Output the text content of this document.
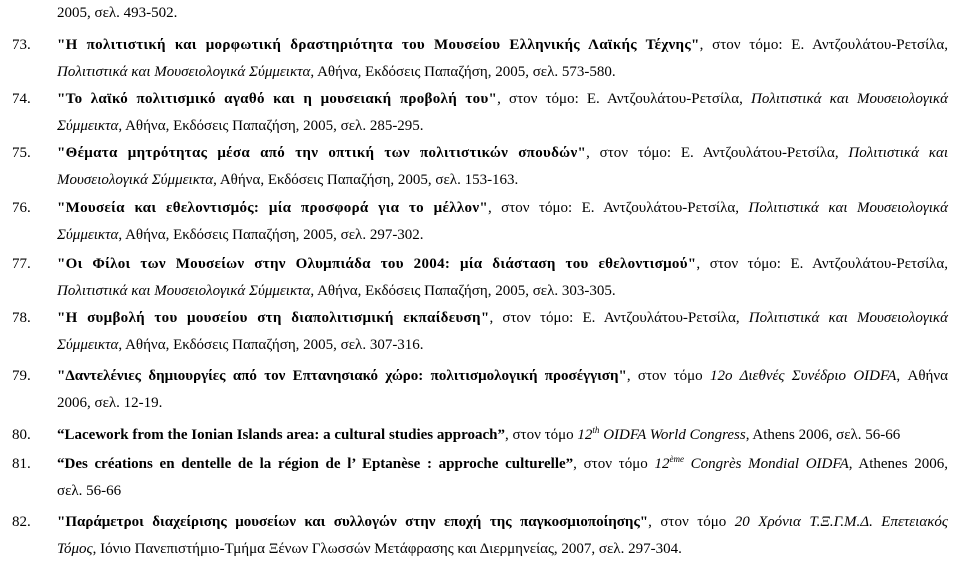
2005, σελ. 493-502.
73.	"Η πολιτιστική και μορφωτική δραστηριότητα του Μουσείου Ελληνικής Λαϊκής Τέχνης", στον τόμο: Ε. Αντζουλάτου-Ρετσίλα,
Πολιτιστικά και Μουσειολογικά Σύμμεικτα, Αθήνα, Εκδόσεις Παπαζήση, 2005, σελ. 573-580.
74.	"Το λαϊκό πολιτισμικό αγαθό και η μουσειακή προβολή του", στον τόμο: Ε. Αντζουλάτου-Ρετσίλα, Πολιτιστικά και Μουσειολογικά
Σύμμεικτα, Αθήνα, Εκδόσεις Παπαζήση, 2005, σελ. 285-295.
75.	"Θέματα μητρότητας μέσα από την οπτική των πολιτιστικών σπουδών", στον τόμο: Ε. Αντζουλάτου-Ρετσίλα, Πολιτιστικά και
Μουσειολογικά Σύμμεικτα, Αθήνα, Εκδόσεις Παπαζήση, 2005, σελ. 153-163.
76.	"Μουσεία και εθελοντισμός: μία προσφορά για το μέλλον", στον τόμο: Ε. Αντζουλάτου-Ρετσίλα, Πολιτιστικά και Μουσειολογικά
Σύμμεικτα, Αθήνα, Εκδόσεις Παπαζήση, 2005, σελ. 297-302.
77.	"Οι Φίλοι των Μουσείων στην Ολυμπιάδα του 2004: μία διάσταση του εθελοντισμού", στον τόμο: Ε. Αντζουλάτου-Ρετσίλα,
Πολιτιστικά και Μουσειολογικά Σύμμεικτα, Αθήνα, Εκδόσεις Παπαζήση, 2005, σελ. 303-305.
78.	"Η συμβολή του μουσείου στη διαπολιτισμική εκπαίδευση", στον τόμο: Ε. Αντζουλάτου-Ρετσίλα, Πολιτιστικά και Μουσειολογικά
Σύμμεικτα, Αθήνα, Εκδόσεις Παπαζήση, 2005, σελ. 307-316.
79.	"Δαντελένιες δημιουργίες από τον Επτανησιακό χώρο: πολιτισμολογική προσέγγιση", στον τόμο 12ο Διεθνές Συνέδριο OIDFA, Αθήνα
2006, σελ. 12-19.
80.	“Lacework from the Ionian Islands area: a cultural studies approach”, στον τόμο 12th OIDFA World Congress, Athens 2006, σελ. 56-66
81.	“Des créations en dentelle de la région de l’ Eptanèse : approche culturelle”, στον τόμο 12ème Congrès Mondial OIDFA, Athenes 2006,
σελ. 56-66
82.	"Παράμετροι διαχείρισης μουσείων και συλλογών στην εποχή της παγκοσμιοποίησης", στον τόμο 20 Χρόνια Τ.Ξ.Γ.Μ.Δ. Επετειακός
Τόμος, Ιόνιο Πανεπιστήμιο-Τμήμα Ξένων Γλωσσών Μετάφρασης και Διερμηνείας, 2007, σελ. 297-304.
